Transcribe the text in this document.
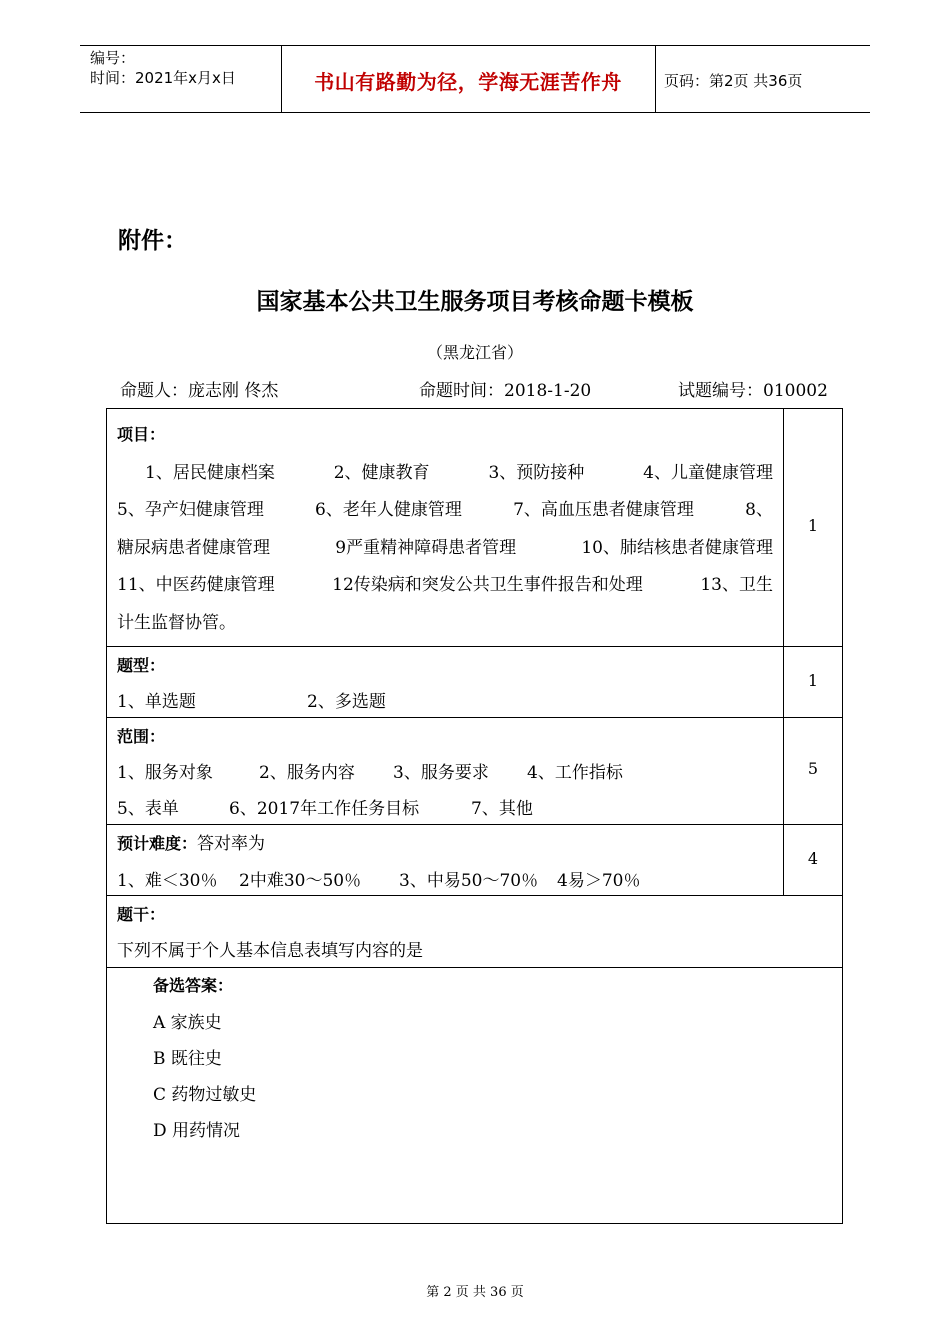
编号：
时间：2021年x月x日	书山有路勤为径，学海无涯苦作舟	页码：第2页 共36页
附件：
国家基本公共卫生服务项目考核命题卡模板
（黑龙江省）
命题人：庞志刚 佟杰	命题时间：2018-1-20	试题编号：010002
项目：
1、居民健康档案	2、健康教育	3、预防接种	4、儿童健康管理
5、孕产妇健康管理	6、老年人健康管理	7、高血压患者健康管理	8、
糖尿病患者健康管理	9严重精神障碍患者管理	10、肺结核患者健康管理
11、中医药健康管理	12传染病和突发公共卫生事件报告和处理	13、卫生
计生监督协管。
1
题型：
1、单选题	2、多选题
1
范围：
1、服务对象	2、服务内容 3、服务要求 4、工作指标
5、表单	6、2017年工作任务目标	7、其他
5
预计难度：答对率为
1、难＜30％ 2中难30～50％ 3、中易50～70％ 4易＞70％
4
题干：
下列不属于个人基本信息表填写内容的是
备选答案：
A 家族史
B 既往史
C 药物过敏史
D 用药情况
第 2 页 共 36 页
